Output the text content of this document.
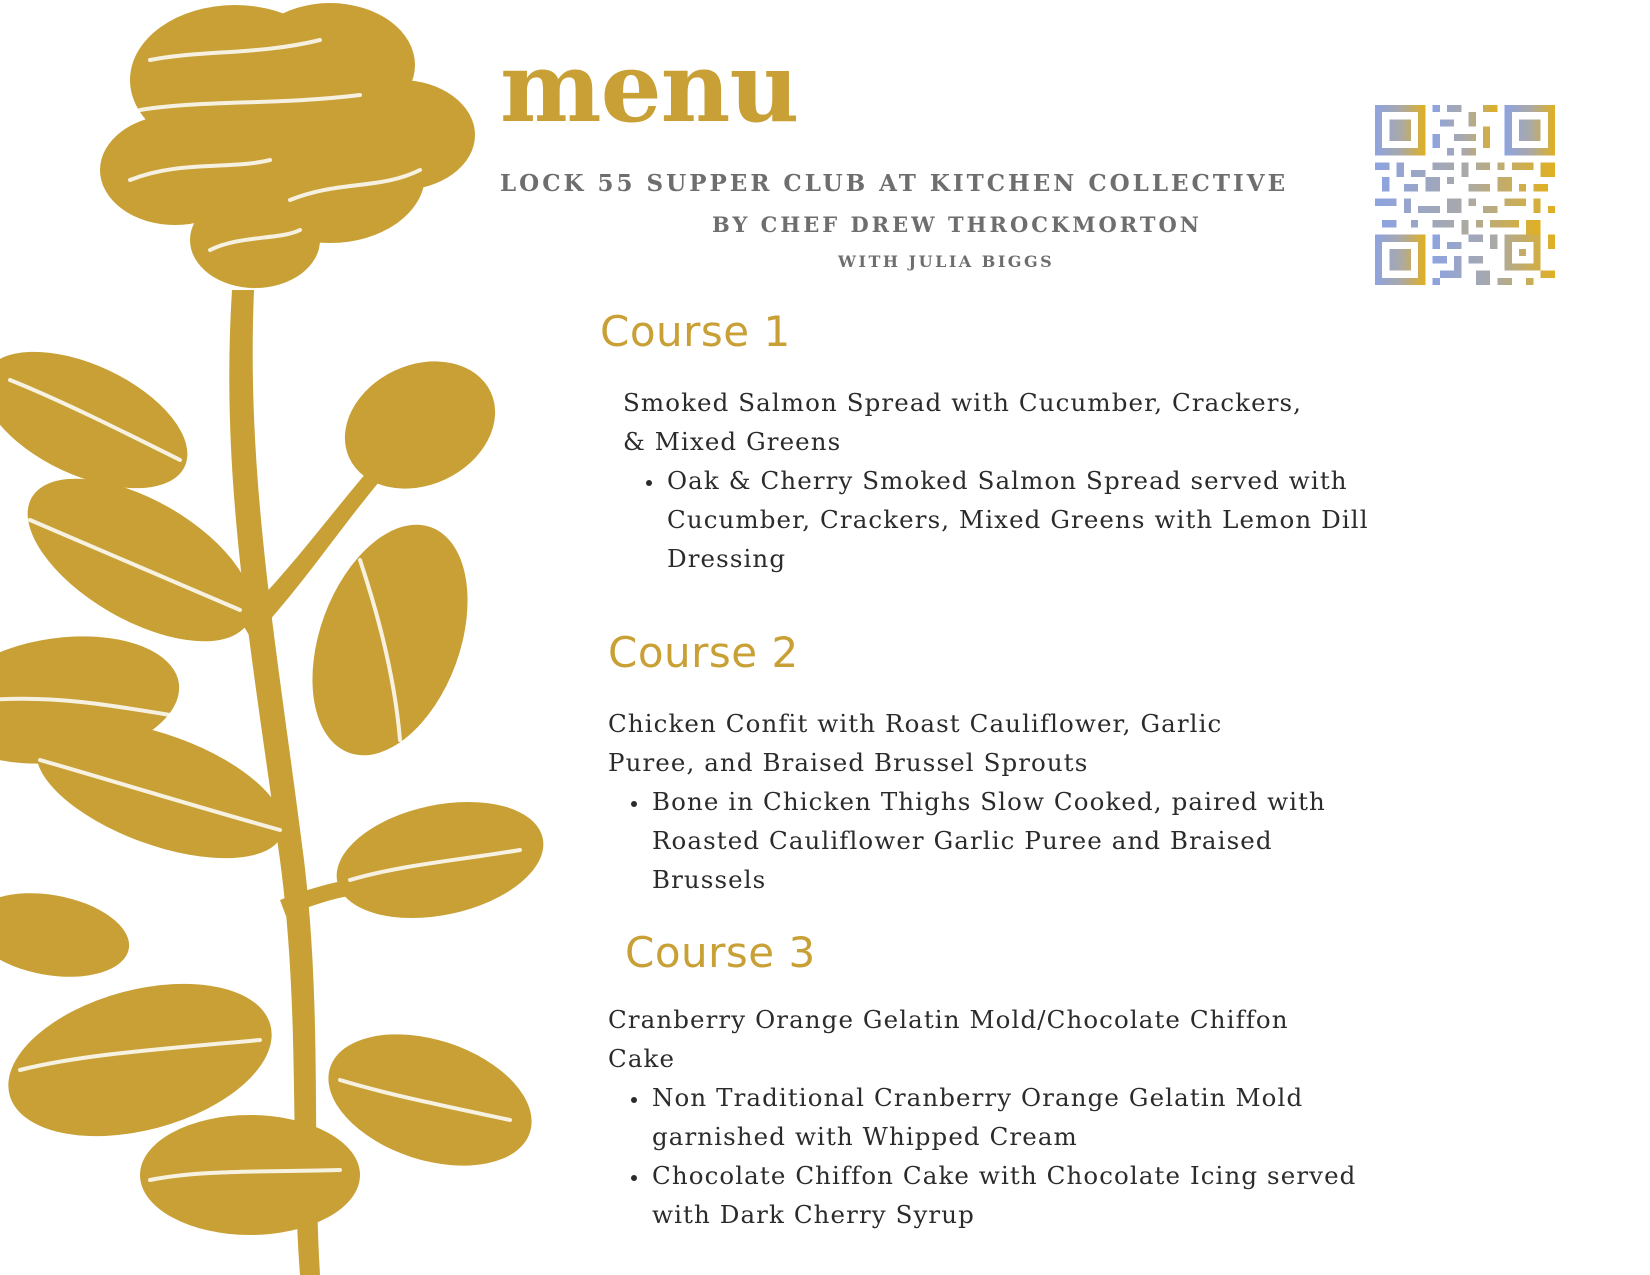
menu

LOCK 55 SUPPER CLUB AT KITCHEN COLLECTIVE

BY CHEF DREW THROCKMORTON

WITH JULIA BIGGS

Course 1

Smoked Salmon Spread with Cucumber, Crackers, & Mixed Greens

• Oak & Cherry Smoked Salmon Spread served with Cucumber, Crackers, Mixed Greens with Lemon Dill Dressing
Course 2

Chicken Confit with Roast Cauliflower, Garlic Puree, and Braised Brussel Sprouts

• Bone in Chicken Thighs Slow Cooked, paired with Roasted Cauliflower Garlic Puree and Braised Brussels
Course 3

Cranberry Orange Gelatin Mold/Chocolate Chiffon Cake

• Non Traditional Cranberry Orange Gelatin Mold garnished with Whipped Cream
• Chocolate Chiffon Cake with Chocolate Icing served with Dark Cherry Syrup
